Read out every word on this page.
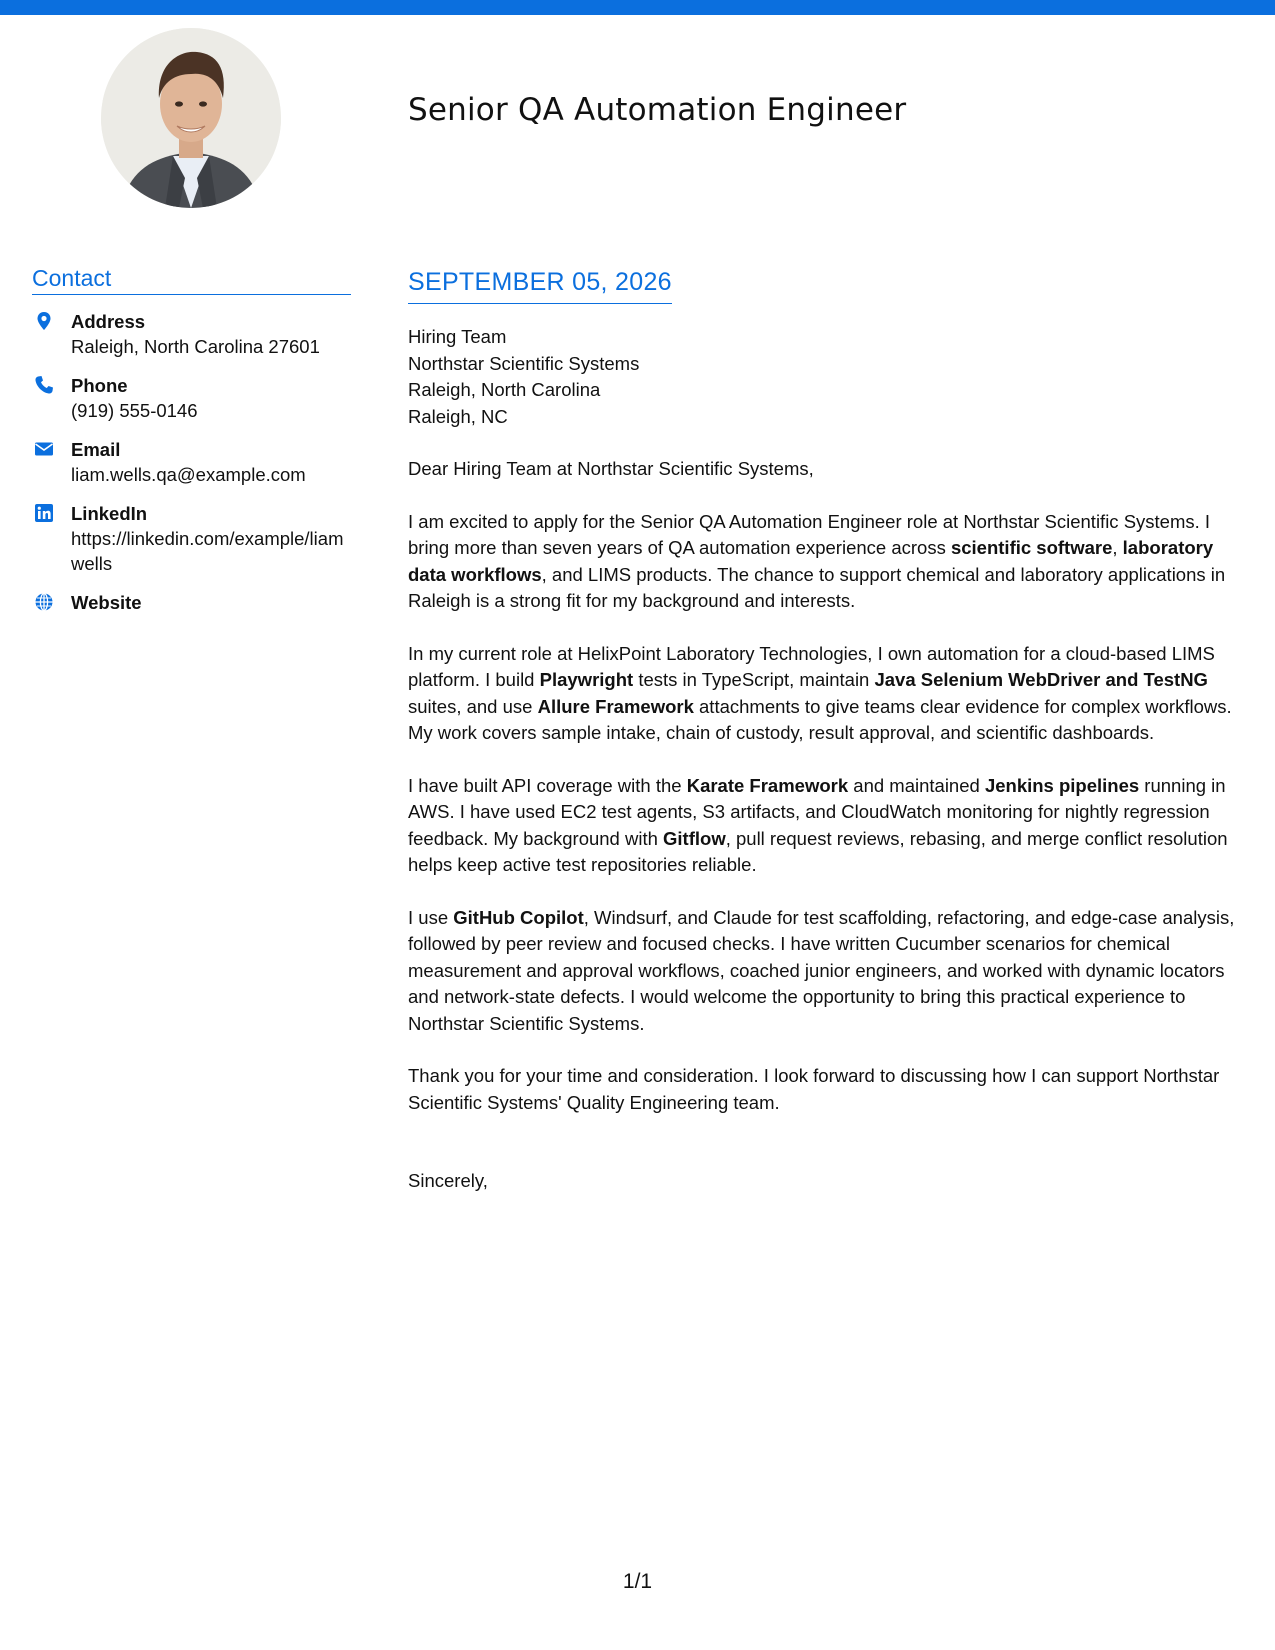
Senior QA Automation Engineer
Contact
Address
Raleigh, North Carolina 27601
Phone
(919) 555-0146
Email
liam.wells.qa@example.com
LinkedIn
https://linkedin.com/example/liamwells
Website
SEPTEMBER 05, 2026
Hiring Team
Northstar Scientific Systems
Raleigh, North Carolina
Raleigh, NC

Dear Hiring Team at Northstar Scientific Systems,

I am excited to apply for the Senior QA Automation Engineer role at Northstar Scientific Systems. I bring more than seven years of QA automation experience across scientific software, laboratory data workflows, and LIMS products. The chance to support chemical and laboratory applications in Raleigh is a strong fit for my background and interests.

In my current role at HelixPoint Laboratory Technologies, I own automation for a cloud-based LIMS platform. I build Playwright tests in TypeScript, maintain Java Selenium WebDriver and TestNG suites, and use Allure Framework attachments to give teams clear evidence for complex workflows. My work covers sample intake, chain of custody, result approval, and scientific dashboards.

I have built API coverage with the Karate Framework and maintained Jenkins pipelines running in AWS. I have used EC2 test agents, S3 artifacts, and CloudWatch monitoring for nightly regression feedback. My background with Gitflow, pull request reviews, rebasing, and merge conflict resolution helps keep active test repositories reliable.

I use GitHub Copilot, Windsurf, and Claude for test scaffolding, refactoring, and edge-case analysis, followed by peer review and focused checks. I have written Cucumber scenarios for chemical measurement and approval workflows, coached junior engineers, and worked with dynamic locators and network-state defects. I would welcome the opportunity to bring this practical experience to Northstar Scientific Systems.

Thank you for your time and consideration. I look forward to discussing how I can support Northstar Scientific Systems' Quality Engineering team.

Sincerely,

1/1
